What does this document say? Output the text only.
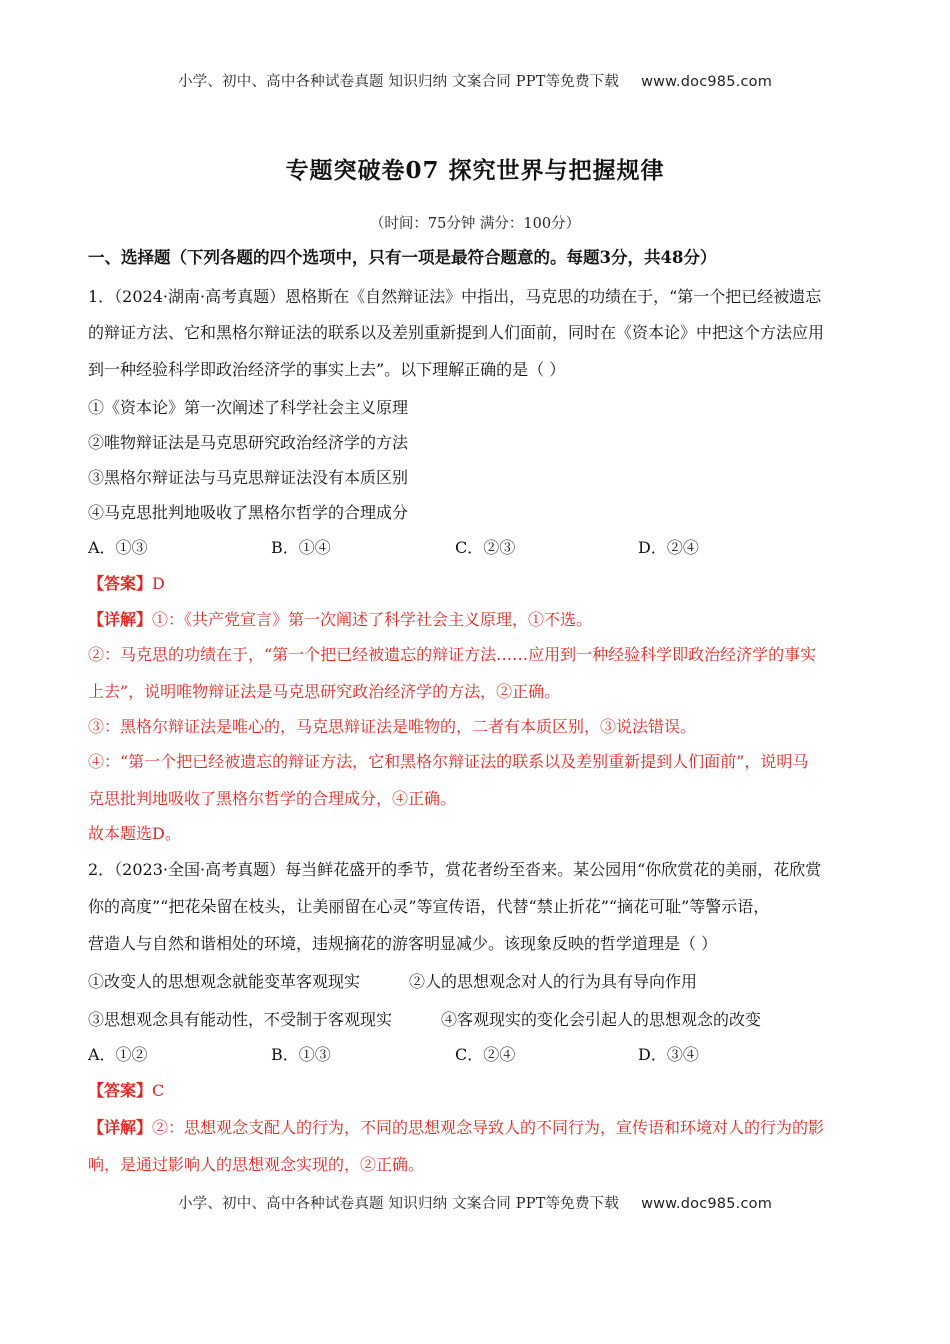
小学、初中、高中各种试卷真题 知识归纳 文案合同 PPT等免费下载 www.doc985.com
专题突破卷07 探究世界与把握规律
（时间：75分钟 满分：100分）
一、选择题（下列各题的四个选项中，只有一项是最符合题意的。每题3分，共48分）
1．（2024·湖南·高考真题）恩格斯在《自然辩证法》中指出，马克思的功绩在于，“第一个把已经被遗忘
的辩证方法、它和黑格尔辩证法的联系以及差别重新提到人们面前，同时在《资本论》中把这个方法应用
到一种经验科学即政治经济学的事实上去”。以下理解正确的是（ ）
①《资本论》第一次阐述了科学社会主义原理
②唯物辩证法是马克思研究政治经济学的方法
③黑格尔辩证法与马克思辩证法没有本质区别
④马克思批判地吸收了黑格尔哲学的合理成分
A．①③	B．①④	C．②③	D．②④
【答案】D
【详解】①：《共产党宣言》第一次阐述了科学社会主义原理，①不选。
②：马克思的功绩在于，“第一个把已经被遗忘的辩证方法……应用到一种经验科学即政治经济学的事实
上去”，说明唯物辩证法是马克思研究政治经济学的方法，②正确。
③：黑格尔辩证法是唯心的，马克思辩证法是唯物的，二者有本质区别，③说法错误。
④：“第一个把已经被遗忘的辩证方法，它和黑格尔辩证法的联系以及差别重新提到人们面前”，说明马
克思批判地吸收了黑格尔哲学的合理成分，④正确。
故本题选D。
2．（2023·全国·高考真题）每当鲜花盛开的季节，赏花者纷至沓来。某公园用“你欣赏花的美丽，花欣赏
你的高度”“把花朵留在枝头，让美丽留在心灵”等宣传语，代替“禁止折花”“摘花可耻”等警示语，
营造人与自然和谐相处的环境，违规摘花的游客明显减少。该现象反映的哲学道理是（ ）
①改变人的思想观念就能变革客观现实	②人的思想观念对人的行为具有导向作用
③思想观念具有能动性，不受制于客观现实	④客观现实的变化会引起人的思想观念的改变
A．①②	B．①③	C．②④	D．③④
【答案】C
【详解】②：思想观念支配人的行为，不同的思想观念导致人的不同行为，宣传语和环境对人的行为的影
响，是通过影响人的思想观念实现的，②正确。
小学、初中、高中各种试卷真题 知识归纳 文案合同 PPT等免费下载 www.doc985.com
